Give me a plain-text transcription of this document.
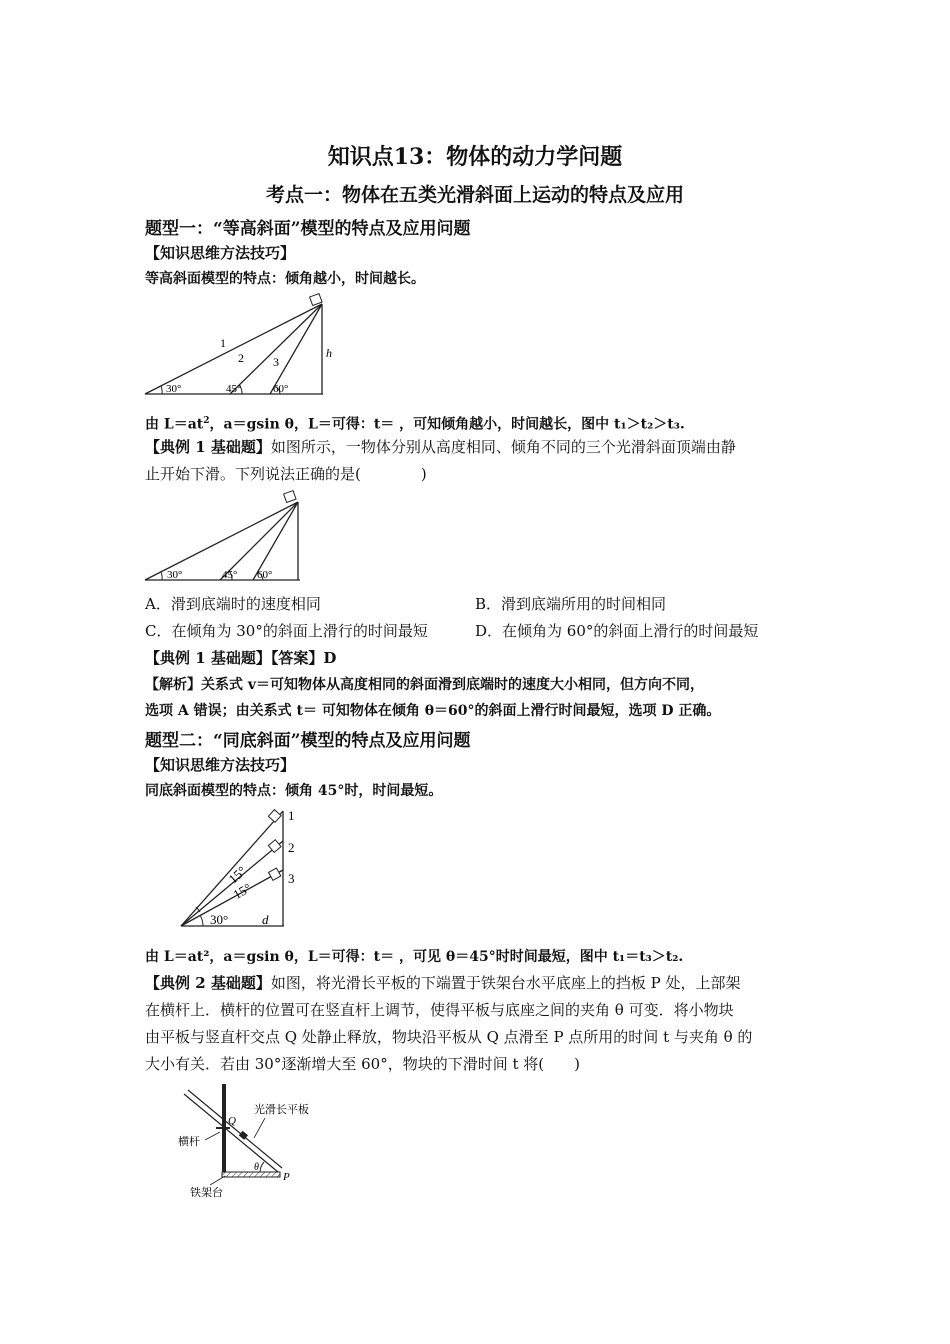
知识点13：物体的动力学问题
考点一：物体在五类光滑斜面上运动的特点及应用
题型一：“等高斜面”模型的特点及应用问题
【知识思维方法技巧】
等高斜面模型的特点：倾角越小，时间越长。
1
2 3
h
30°	45°	60°
由 $L=at^2$，a＝gsin θ，L＝可得：t＝ ，可知倾角越小，时间越长，图中 t₁＞t₂＞t₃.
【典例 1 基础题】如图所示，一物体分别从高度相同、倾角不同的三个光滑斜面顶端由静
止开始下滑。下列说法正确的是(　　　　)
30°	45° 60°
A．滑到底端时的速度相同	B．滑到底端所用的时间相同
C．在倾角为 30°的斜面上滑行的时间最短	D．在倾角为 60°的斜面上滑行的时间最短
【典例 1 基础题】【答案】D
【解析】关系式 v＝可知物体从高度相同的斜面滑到底端时的速度大小相同，但方向不同，
选项 A 错误；由关系式 t＝ 可知物体在倾角 θ＝60°的斜面上滑行时间最短，选项 D 正确。
题型二：“同底斜面”模型的特点及应用问题
【知识思维方法技巧】
同底斜面模型的特点：倾角 45°时，时间最短。
1
2
3
15°
15°
30°	d
由 L＝at²，a＝gsin θ，L＝可得：t＝ ，可见 θ＝45°时时间最短，图中 t₁＝t₃＞t₂.
【典例 2 基础题】如图，将光滑长平板的下端置于铁架台水平底座上的挡板 P 处，上部架
在横杆上．横杆的位置可在竖直杆上调节，使得平板与底座之间的夹角 θ 可变．将小物块
由平板与竖直杆交点 Q 处静止释放，物块沿平板从 Q 点滑至 P 点所用的时间 t 与夹角 θ 的
大小有关．若由 30°逐渐增大至 60°，物块的下滑时间 t 将(　　)
光滑长平板
横杆
铁架台
Q
P
θ
